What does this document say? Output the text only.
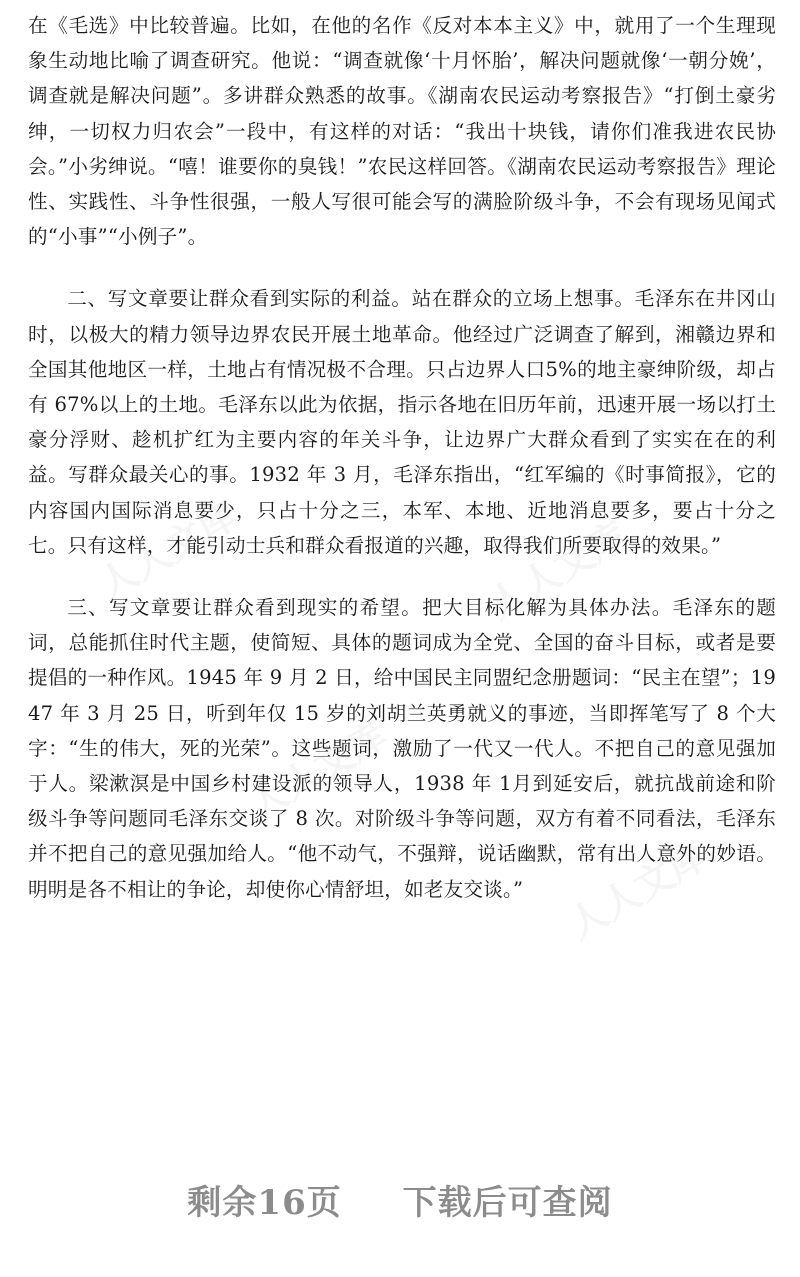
人人文库	人人文库
人人文库
人人文库

在《毛选》中比较普遍。比如，在他的名作《反对本本主义》中，就用了一个生理现象生动地比喻了调查研究。他说：“调查就像‘十月怀胎’，解决问题就像‘一朝分娩’，调查就是解决问题”。多讲群众熟悉的故事。《湖南农民运动考察报告》“打倒土豪劣绅，一切权力归农会”一段中，有这样的对话：“我出十块钱，请你们准我进农民协会。”小劣绅说。“嘻！谁要你的臭钱！”农民这样回答。《湖南农民运动考察报告》理论性、实践性、斗争性很强，一般人写很可能会写的满脸阶级斗争，不会有现场见闻式的“小事”“小例子”。

二、写文章要让群众看到实际的利益。站在群众的立场上想事。毛泽东在井冈山时，以极大的精力领导边界农民开展土地革命。他经过广泛调查了解到，湘赣边界和全国其他地区一样，土地占有情况极不合理。只占边界人口5%的地主豪绅阶级，却占有 67%以上的土地。毛泽东以此为依据，指示各地在旧历年前，迅速开展一场以打土豪分浮财、趁机扩红为主要内容的年关斗争，让边界广大群众看到了实实在在的利益。写群众最关心的事。1932 年 3 月，毛泽东指出，“红军编的《时事简报》，它的内容国内国际消息要少，只占十分之三，本军、本地、近地消息要多，要占十分之七。只有这样，才能引动士兵和群众看报道的兴趣，取得我们所要取得的效果。”

三、写文章要让群众看到现实的希望。把大目标化解为具体办法。毛泽东的题词，总能抓住时代主题，使简短、具体的题词成为全党、全国的奋斗目标，或者是要提倡的一种作风。1945 年 9 月 2 日，给中国民主同盟纪念册题词：“民主在望”；1947 年 3 月 25 日，听到年仅 15 岁的刘胡兰英勇就义的事迹，当即挥笔写了 8 个大字：“生的伟大，死的光荣”。这些题词，激励了一代又一代人。不把自己的意见强加于人。梁漱溟是中国乡村建设派的领导人，1938 年 1月到延安后，就抗战前途和阶级斗争等问题同毛泽东交谈了 8 次。对阶级斗争等问题，双方有着不同看法，毛泽东并不把自己的意见强加给人。“他不动气，不强辩，说话幽默，常有出人意外的妙语。明明是各不相让的争论，却使你心情舒坦，如老友交谈。”

剩余16页 下载后可查阅
